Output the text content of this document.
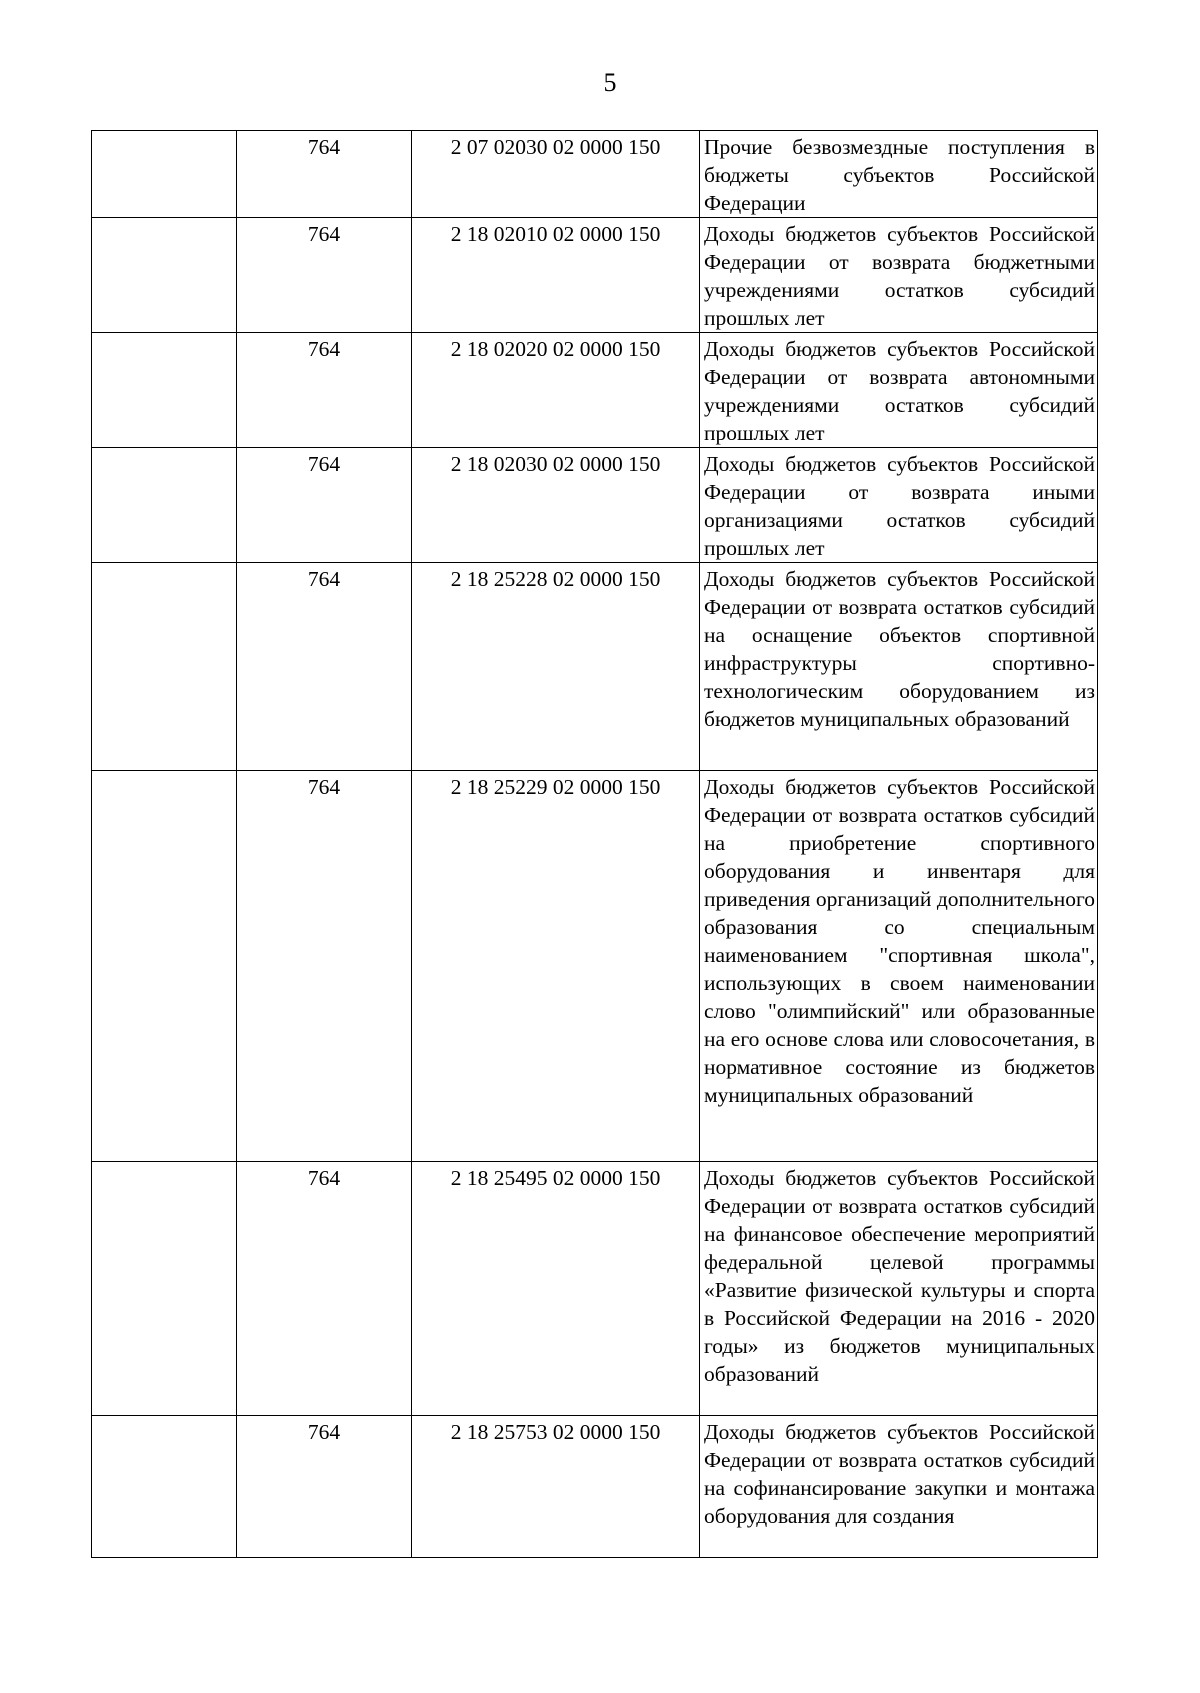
5
	764	2 07 02030 02 0000 150	Прочие безвозмездные поступления в бюджеты субъектов Российской Федерации
	764	2 18 02010 02 0000 150	Доходы бюджетов субъектов Российской Федерации от возврата бюджетными учреждениями остатков субсидий прошлых лет
	764	2 18 02020 02 0000 150	Доходы бюджетов субъектов Российской Федерации от возврата автономными учреждениями остатков субсидий прошлых лет
	764	2 18 02030 02 0000 150	Доходы бюджетов субъектов Российской Федерации от возврата иными организациями остатков субсидий прошлых лет
	764	2 18 25228 02 0000 150	Доходы бюджетов субъектов Российской Федерации от возврата остатков субсидий на оснащение объектов спортивной инфраструктуры спортивно-технологическим оборудованием из бюджетов муниципальных образований
	764	2 18 25229 02 0000 150	Доходы бюджетов субъектов Российской Федерации от возврата остатков субсидий на приобретение спортивного оборудования и инвентаря для приведения организаций дополнительного образования со специальным наименованием "спортивная школа", использующих в своем наименовании слово "олимпийский" или образованные на его основе слова или словосочетания, в нормативное состояние из бюджетов муниципальных образований
	764	2 18 25495 02 0000 150	Доходы бюджетов субъектов Российской Федерации от возврата остатков субсидий на финансовое обеспечение мероприятий федеральной целевой программы «Развитие физической культуры и спорта в Российской Федерации на 2016 - 2020 годы» из бюджетов муниципальных образований
	764	2 18 25753 02 0000 150	Доходы бюджетов субъектов Российской Федерации от возврата остатков субсидий на софинансирование закупки и монтажа оборудования для создания
